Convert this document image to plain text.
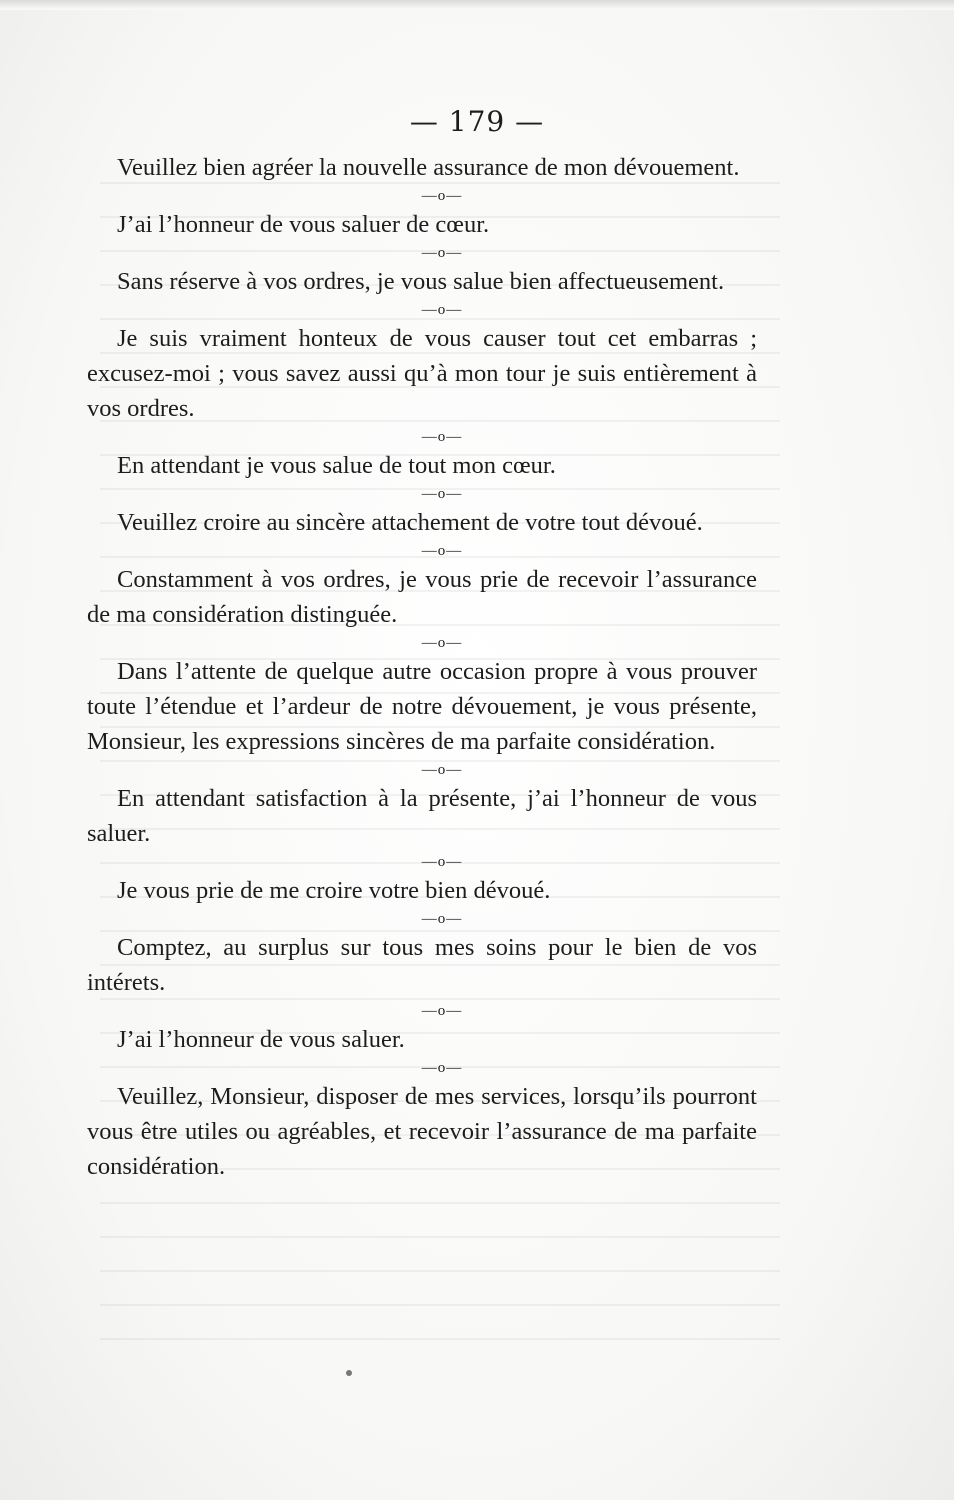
— 179 —

Veuillez bien agréer la nouvelle assurance de mon dévouement.

—o—

J’ai l’honneur de vous saluer de cœur.

—o—

Sans réserve à vos ordres, je vous salue bien affectueusement.

—o—

Je suis vraiment honteux de vous causer tout cet embarras ; excusez-moi ; vous savez aussi qu’à mon tour je suis entièrement à vos ordres.

—o—

En attendant je vous salue de tout mon cœur.

—o—

Veuillez croire au sincère attachement de votre tout dévoué.

—o—

Constamment à vos ordres, je vous prie de recevoir l’assurance de ma considération distinguée.

—o—

Dans l’attente de quelque autre occasion propre à vous prouver toute l’étendue et l’ardeur de notre dévouement, je vous présente, Monsieur, les expressions sincères de ma parfaite considération.

—o—

En attendant satisfaction à la présente, j’ai l’honneur de vous saluer.

—o—

Je vous prie de me croire votre bien dévoué.

—o—

Comptez, au surplus sur tous mes soins pour le bien de vos intérets.

—o—

J’ai l’honneur de vous saluer.

—o—

Veuillez, Monsieur, disposer de mes services, lorsqu’ils pourront vous être utiles ou agréables, et recevoir l’assurance de ma parfaite considération.
